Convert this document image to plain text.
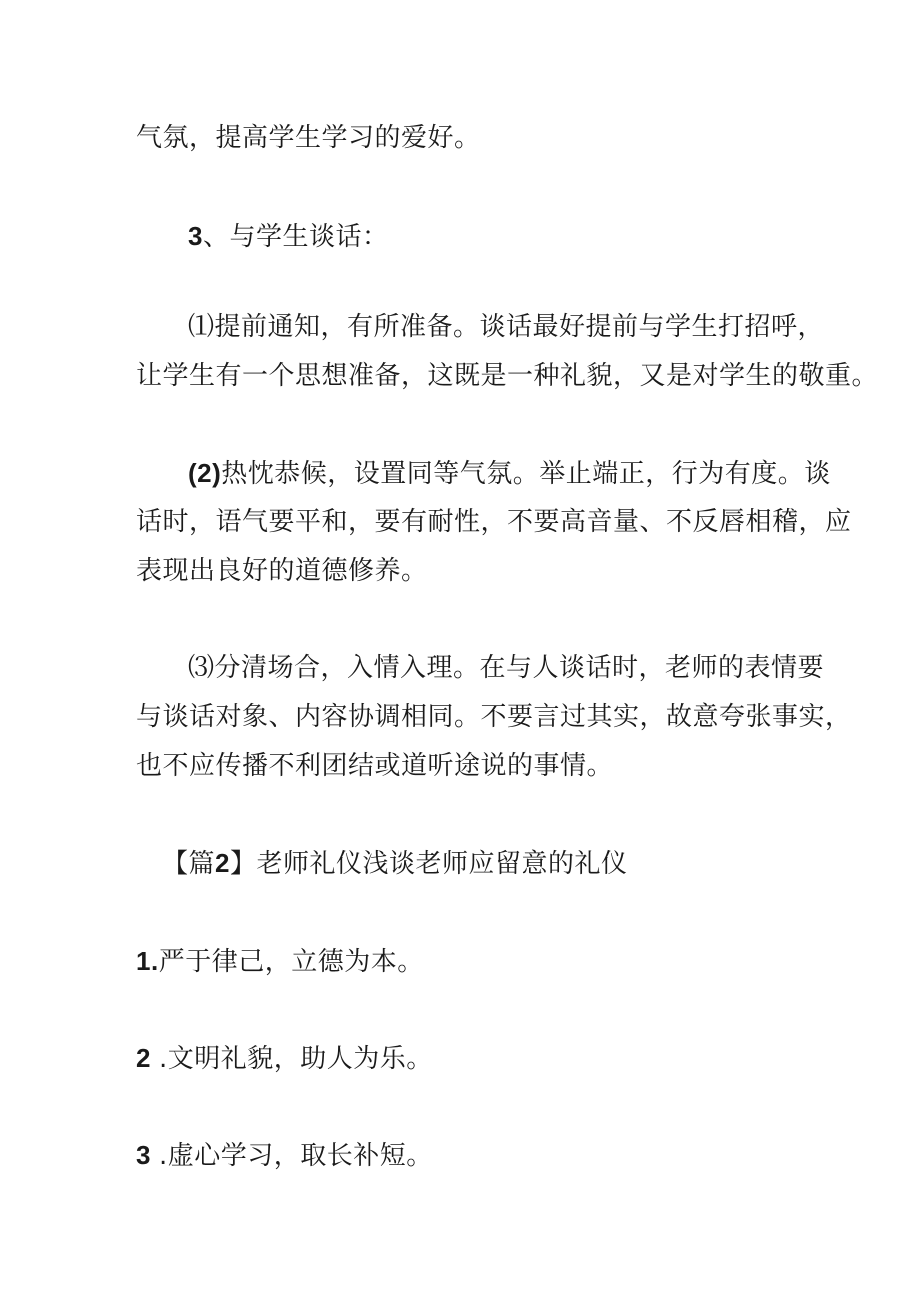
气氛，提高学生学习的爱好。
3、与学生谈话：
⑴提前通知，有所准备。谈话最好提前与学生打招呼，
让学生有一个思想准备，这既是一种礼貌，又是对学生的敬重。
(2)热忱恭候，设置同等气氛。举止端正，行为有度。谈
话时，语气要平和，要有耐性，不要高音量、不反唇相稽，应
表现出良好的道德修养。
⑶分清场合，入情入理。在与人谈话时，老师的表情要
与谈话对象、内容协调相同。不要言过其实，故意夸张事实，
也不应传播不利团结或道听途说的事情。
【篇2】老师礼仪浅谈老师应留意的礼仪
1.严于律己，立德为本。
2 .文明礼貌，助人为乐。
3 .虚心学习，取长补短。
